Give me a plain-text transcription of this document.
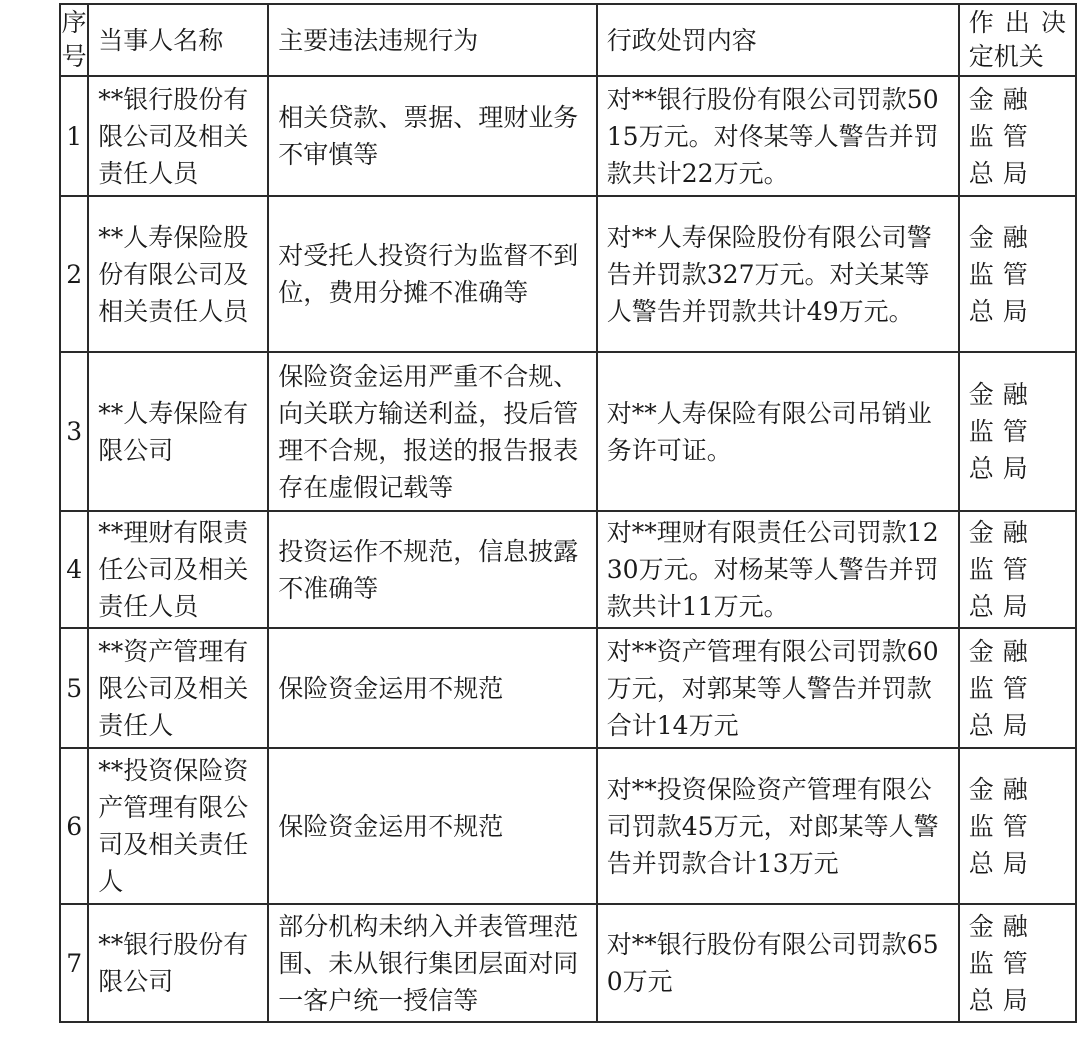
序号	当事人名称	主要违法违规行为	行政处罚内容	作出决定机关
1	**银行股份有限公司及相关责任人员	相关贷款、票据、理财业务不审慎等	对**银行股份有限公司罚款5015万元。对佟某等人警告并罚款共计22万元。	金融监管总局
2	**人寿保险股份有限公司及相关责任人员	对受托人投资行为监督不到位，费用分摊不准确等	对**人寿保险股份有限公司警告并罚款327万元。对关某等人警告并罚款共计49万元。	金融监管总局
3	**人寿保险有限公司	保险资金运用严重不合规、向关联方输送利益，投后管理不合规，报送的报告报表存在虚假记载等	对**人寿保险有限公司吊销业务许可证。	金融监管总局
4	**理财有限责任公司及相关责任人员	投资运作不规范，信息披露不准确等	对**理财有限责任公司罚款1230万元。对杨某等人警告并罚款共计11万元。	金融监管总局
5	**资产管理有限公司及相关责任人	保险资金运用不规范	对**资产管理有限公司罚款60万元，对郭某等人警告并罚款合计14万元	金融监管总局
6	**投资保险资产管理有限公司及相关责任人	保险资金运用不规范	对**投资保险资产管理有限公司罚款45万元，对郎某等人警告并罚款合计13万元	金融监管总局
7	**银行股份有限公司	部分机构未纳入并表管理范围、未从银行集团层面对同一客户统一授信等	对**银行股份有限公司罚款650万元	金融监管总局
